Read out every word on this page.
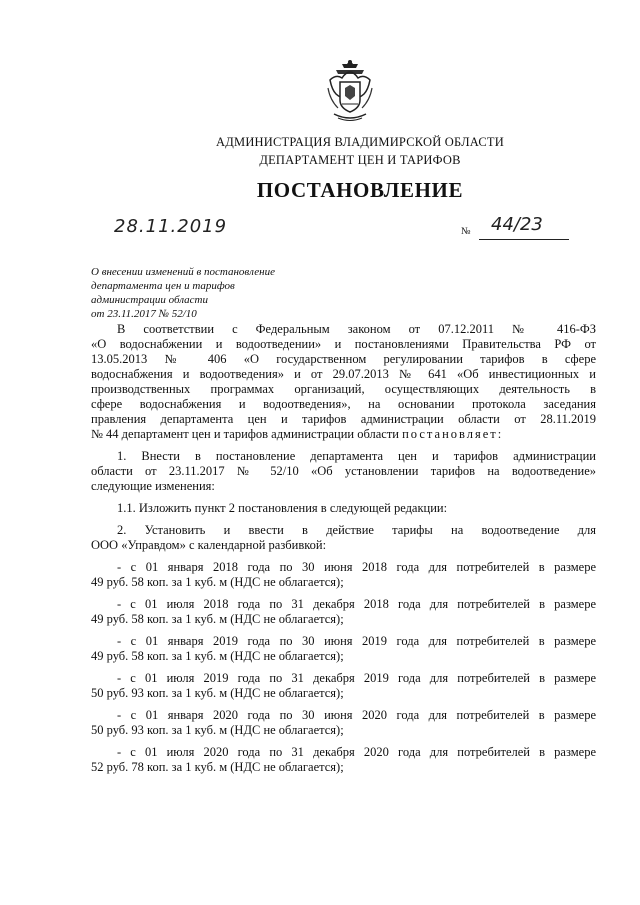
АДМИНИСТРАЦИЯ ВЛАДИМИРСКОЙ ОБЛАСТИ
ДЕПАРТАМЕНТ ЦЕН И ТАРИФОВ
ПОСТАНОВЛЕНИЕ
28.11.2019	№ 44/23
О внесении изменений в постановление
департамента цен и тарифов
администрации области
от 23.11.2017 № 52/10
В соответствии с Федеральным законом от 07.12.2011 № 416-ФЗ
«О водоснабжении и водоотведении» и постановлениями Правительства РФ от
13.05.2013 № 406 «О государственном регулировании тарифов в сфере
водоснабжения и водоотведения» и от 29.07.2013 № 641 «Об инвестиционных и
производственных программах организаций, осуществляющих деятельность в
сфере водоснабжения и водоотведения», на основании протокола заседания
правления департамента цен и тарифов администрации области от 28.11.2019
№ 44 департамент цен и тарифов администрации области постановляет:
1. Внести в постановление департамента цен и тарифов администрации
области от 23.11.2017 № 52/10 «Об установлении тарифов на водоотведение»
следующие изменения:
1.1. Изложить пункт 2 постановления в следующей редакции:
2. Установить и ввести в действие тарифы на водоотведение для
ООО «Управдом» с календарной разбивкой:
- с 01 января 2018 года по 30 июня 2018 года для потребителей в размере
49 руб. 58 коп. за 1 куб. м (НДС не облагается);
- с 01 июля 2018 года по 31 декабря 2018 года для потребителей в размере
49 руб. 58 коп. за 1 куб. м (НДС не облагается);
- с 01 января 2019 года по 30 июня 2019 года для потребителей в размере
49 руб. 58 коп. за 1 куб. м (НДС не облагается);
- с 01 июля 2019 года по 31 декабря 2019 года для потребителей в размере
50 руб. 93 коп. за 1 куб. м (НДС не облагается);
- с 01 января 2020 года по 30 июня 2020 года для потребителей в размере
50 руб. 93 коп. за 1 куб. м (НДС не облагается);
- с 01 июля 2020 года по 31 декабря 2020 года для потребителей в размере
52 руб. 78 коп. за 1 куб. м (НДС не облагается);
